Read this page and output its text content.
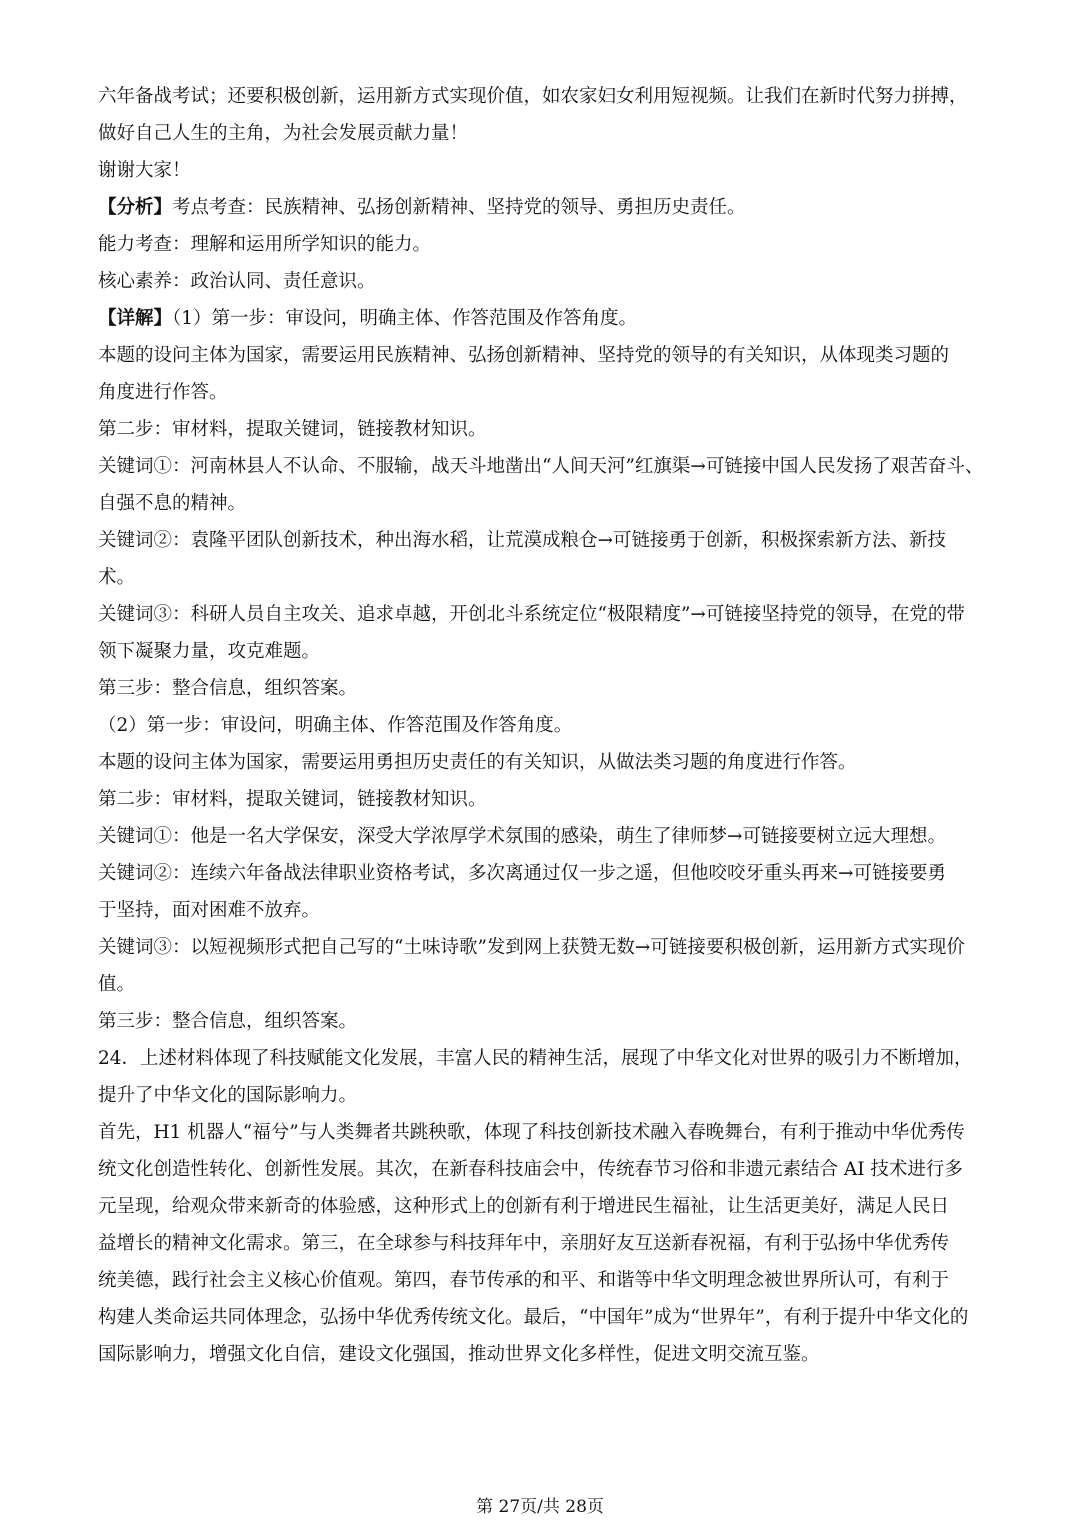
六年备战考试；还要积极创新，运用新方式实现价值，如农家妇女利用短视频。让我们在新时代努力拼搏，
做好自己人生的主角，为社会发展贡献力量！
谢谢大家！
【分析】考点考查：民族精神、弘扬创新精神、坚持党的领导、勇担历史责任。
能力考查：理解和运用所学知识的能力。
核心素养：政治认同、责任意识。
【详解】（1）第一步：审设问，明确主体、作答范围及作答角度。
本题的设问主体为国家，需要运用民族精神、弘扬创新精神、坚持党的领导的有关知识，从体现类习题的
角度进行作答。
第二步：审材料，提取关键词，链接教材知识。
关键词①：河南林县人不认命、不服输，战天斗地凿出“人间天河”红旗渠→可链接中国人民发扬了艰苦奋斗、
自强不息的精神。
关键词②：袁隆平团队创新技术，种出海水稻，让荒漠成粮仓→可链接勇于创新，积极探索新方法、新技
术。
关键词③：科研人员自主攻关、追求卓越，开创北斗系统定位“极限精度”→可链接坚持党的领导，在党的带
领下凝聚力量，攻克难题。
第三步：整合信息，组织答案。
（2）第一步：审设问，明确主体、作答范围及作答角度。
本题的设问主体为国家，需要运用勇担历史责任的有关知识，从做法类习题的角度进行作答。
第二步：审材料，提取关键词，链接教材知识。
关键词①：他是一名大学保安，深受大学浓厚学术氛围的感染，萌生了律师梦→可链接要树立远大理想。
关键词②：连续六年备战法律职业资格考试，多次离通过仅一步之遥，但他咬咬牙重头再来→可链接要勇
于坚持，面对困难不放弃。
关键词③：以短视频形式把自己写的“土味诗歌”发到网上获赞无数→可链接要积极创新，运用新方式实现价
值。
第三步：整合信息，组织答案。
24．上述材料体现了科技赋能文化发展，丰富人民的精神生活，展现了中华文化对世界的吸引力不断增加，
提升了中华文化的国际影响力。
首先，H1 机器人“福兮”与人类舞者共跳秧歌，体现了科技创新技术融入春晚舞台，有利于推动中华优秀传
统文化创造性转化、创新性发展。其次，在新春科技庙会中，传统春节习俗和非遗元素结合 AI 技术进行多
元呈现，给观众带来新奇的体验感，这种形式上的创新有利于增进民生福祉，让生活更美好，满足人民日
益增长的精神文化需求。第三，在全球参与科技拜年中，亲朋好友互送新春祝福，有利于弘扬中华优秀传
统美德，践行社会主义核心价值观。第四，春节传承的和平、和谐等中华文明理念被世界所认可，有利于
构建人类命运共同体理念，弘扬中华优秀传统文化。最后，“中国年”成为“世界年”，有利于提升中华文化的
国际影响力，增强文化自信，建设文化强国，推动世界文化多样性，促进文明交流互鉴。
第 27页/共 28页
